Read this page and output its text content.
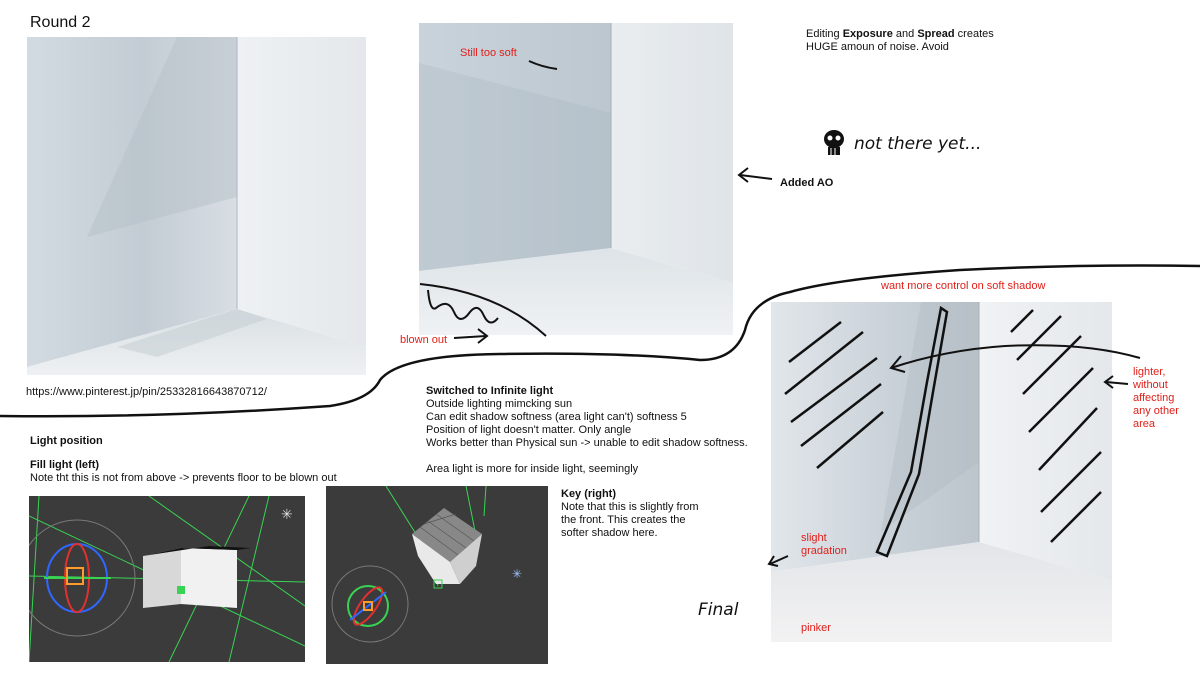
Round 2
https://www.pinterest.jp/pin/25332816643870712/
Still too soft
Editing Exposure and Spread creates
HUGE amoun of noise. Avoid
not there yet...
Added AO
blown out
Switched to Infinite light
Outside lighting mimcking sun
Can edit shadow softness (area light can't) softness 5
Position of light doesn't matter. Only angle
Works better than Physical sun -> unable to edit shadow softness.
Area light is more for inside light, seemingly
Light position
Fill light (left)
Note tht this is not from above -> prevents floor to be blown out
✳
✳
Key (right)
Note that this is slightly from
the front. This creates the
softer shadow here.
want more control on soft shadow
slight
gradation
pinker
lighter,
without
affecting
any other
area
Final
